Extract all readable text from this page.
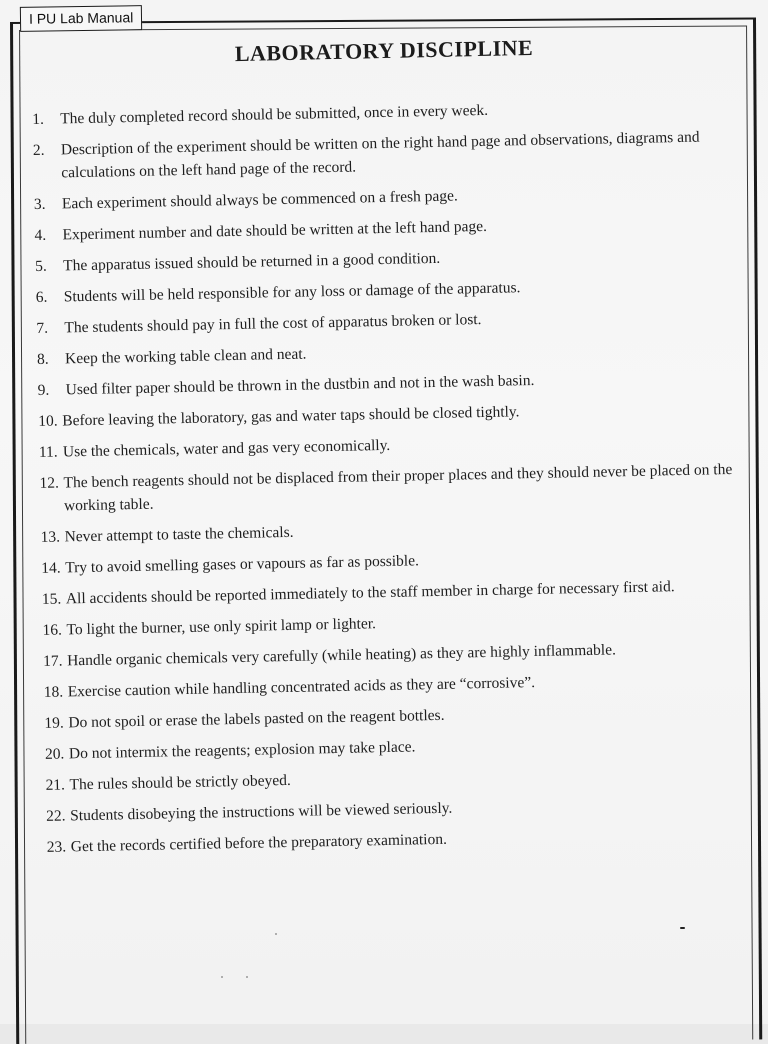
I PU Lab Manual
LABORATORY DISCIPLINE
1.	The duly completed record should be submitted, once in every week.
2.	Description of the experiment should be written on the right hand page and observations, diagrams and calculations on the left hand page of the record.
3.	Each experiment should always be commenced on a fresh page.
4.	Experiment number and date should be written at the left hand page.
5.	The apparatus issued should be returned in a good condition.
6.	Students will be held responsible for any loss or damage of the apparatus.
7.	The students should pay in full the cost of apparatus broken or lost.
8.	Keep the working table clean and neat.
9.	Used filter paper should be thrown in the dustbin and not in the wash basin.
10. Before leaving the laboratory, gas and water taps should be closed tightly.
11. Use the chemicals, water and gas very economically.
12. The bench reagents should not be displaced from their proper places and they should never be placed on the working table.
13. Never attempt to taste the chemicals.
14. Try to avoid smelling gases or vapours as far as possible.
15. All accidents should be reported immediately to the staff member in charge for necessary first aid.
16. To light the burner, use only spirit lamp or lighter.
17. Handle organic chemicals very carefully (while heating) as they are highly inflammable.
18. Exercise caution while handling concentrated acids as they are “corrosive”.
19. Do not spoil or erase the labels pasted on the reagent bottles.
20. Do not intermix the reagents; explosion may take place.
21. The rules should be strictly obeyed.
22. Students disobeying the instructions will be viewed seriously.
23. Get the records certified before the preparatory examination.
